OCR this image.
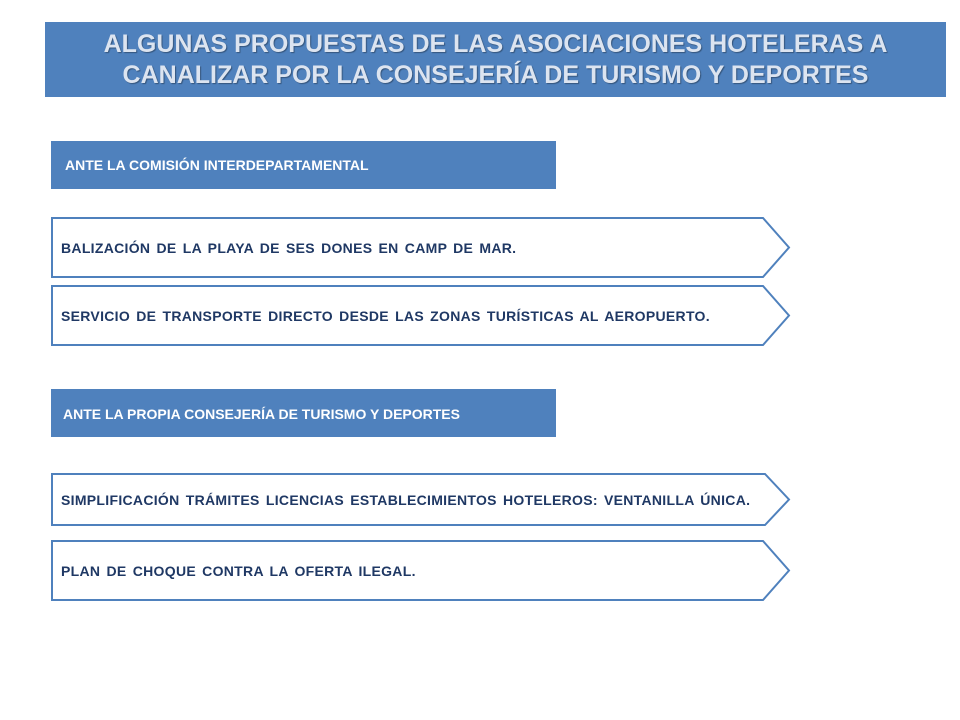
ALGUNAS PROPUESTAS DE LAS ASOCIACIONES HOTELERAS A
CANALIZAR POR LA CONSEJERÍA DE TURISMO Y DEPORTES
ANTE LA COMISIÓN INTERDEPARTAMENTAL
BALIZACIÓN DE LA PLAYA DE SES DONES EN CAMP DE MAR.
SERVICIO DE TRANSPORTE DIRECTO DESDE LAS ZONAS TURÍSTICAS AL AEROPUERTO.
ANTE LA PROPIA CONSEJERÍA DE TURISMO Y DEPORTES
SIMPLIFICACIÓN TRÁMITES LICENCIAS ESTABLECIMIENTOS HOTELEROS: VENTANILLA ÚNICA.
PLAN DE CHOQUE CONTRA LA OFERTA ILEGAL.
